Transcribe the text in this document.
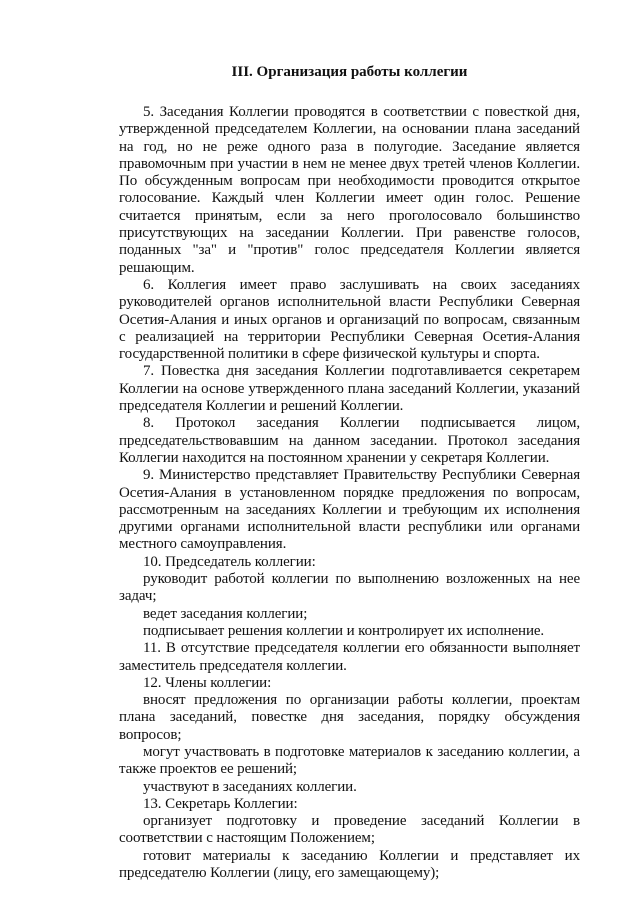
III. Организация работы коллегии

5. Заседания Коллегии проводятся в соответствии с повесткой дня, утвержденной председателем Коллегии, на основании плана заседаний на год, но не реже одного раза в полугодие. Заседание является правомочным при участии в нем не менее двух третей членов Коллегии. По обсужденным вопросам при необходимости проводится открытое голосование. Каждый член Коллегии имеет один голос. Решение считается принятым, если за него проголосовало большинство присутствующих на заседании Коллегии. При равенстве голосов, поданных "за" и "против" голос председателя Коллегии является решающим.

6. Коллегия имеет право заслушивать на своих заседаниях руководителей органов исполнительной власти Республики Северная Осетия-Алания и иных органов и организаций по вопросам, связанным с реализацией на территории Республики Северная Осетия-Алания государственной политики в сфере физической культуры и спорта.

7. Повестка дня заседания Коллегии подготавливается секретарем Коллегии на основе утвержденного плана заседаний Коллегии, указаний председателя Коллегии и решений Коллегии.

8. Протокол заседания Коллегии подписывается лицом, председательствовавшим на данном заседании. Протокол заседания Коллегии находится на постоянном хранении у секретаря Коллегии.

9. Министерство представляет Правительству Республики Северная Осетия-Алания в установленном порядке предложения по вопросам, рассмотренным на заседаниях Коллегии и требующим их исполнения другими органами исполнительной власти республики или органами местного самоуправления.

10. Председатель коллегии:

руководит работой коллегии по выполнению возложенных на нее задач;

ведет заседания коллегии;

подписывает решения коллегии и контролирует их исполнение.

11. В отсутствие председателя коллегии его обязанности выполняет заместитель председателя коллегии.

12. Члены коллегии:

вносят предложения по организации работы коллегии, проектам плана заседаний, повестке дня заседания, порядку обсуждения вопросов;

могут участвовать в подготовке материалов к заседанию коллегии, а также проектов ее решений;

участвуют в заседаниях коллегии.

13. Секретарь Коллегии:

организует подготовку и проведение заседаний Коллегии в соответствии с настоящим Положением;

готовит материалы к заседанию Коллегии и представляет их председателю Коллегии (лицу, его замещающему);
